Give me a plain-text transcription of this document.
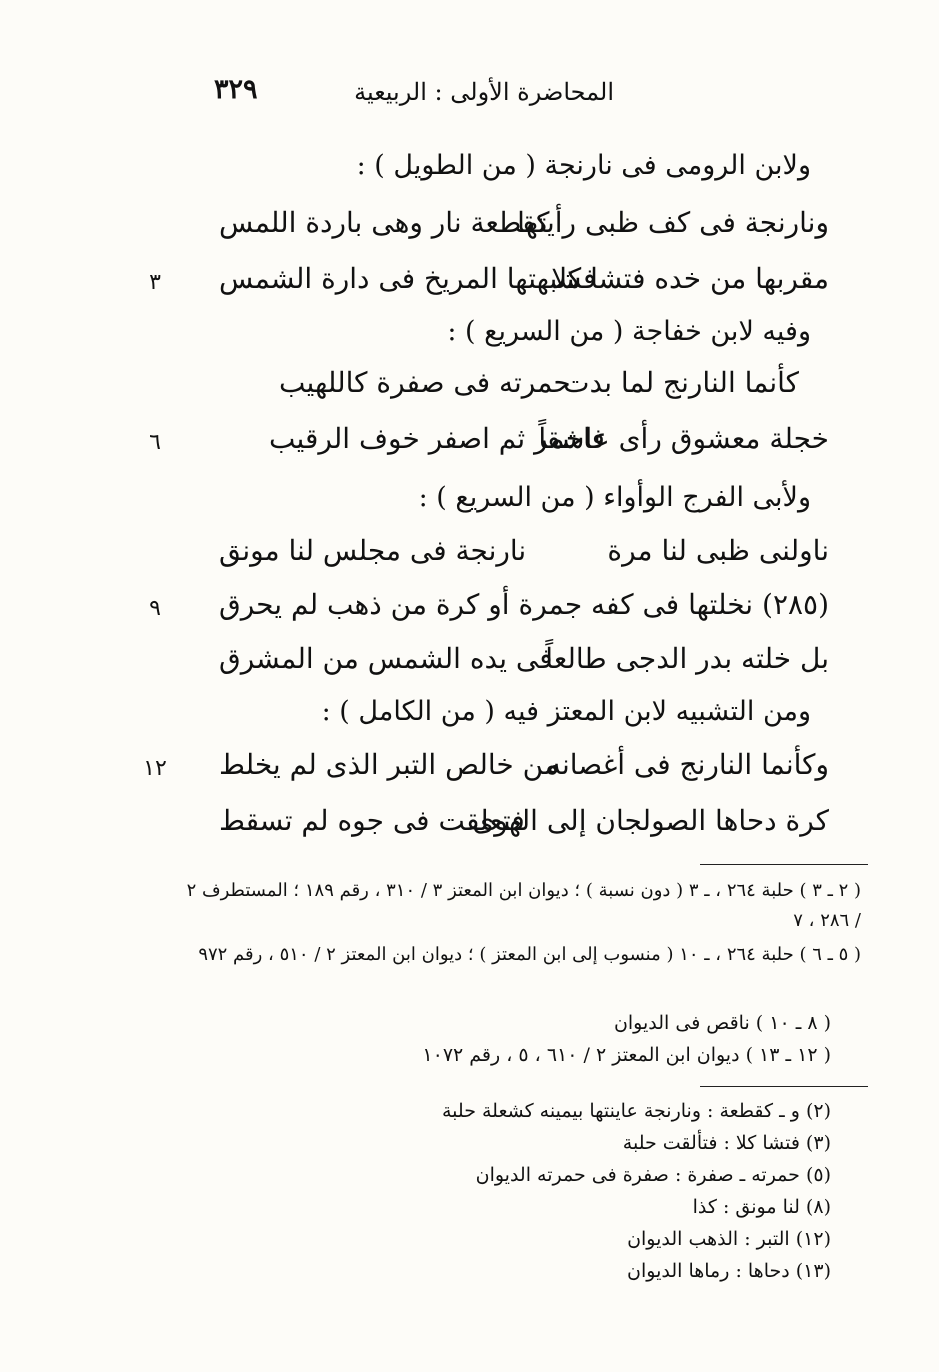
٣٢٩	المحاضرة الأولى : الربيعية
ولابن الرومى فى نارنجة ( من الطويل ) :
ونارنجة فى كف ظبى رأيتها
كقطعة نار وهى باردة اللمس
مقربها من خده فتشا كلا
فشبهتها المريخ فى دارة الشمس
٣
وفيه لابن خفاجة ( من السريع ) :
كأنما النارنج لما بدت
حمرته فى صفرة كاللهيب
خجلة معشوق رأى عاشقاً
فاحمر ثم اصفر خوف الرقيب
٦
ولأبى الفرج الوأواء ( من السريع ) :
ناولنى ظبى لنا مرة
نارنجة فى مجلس لنا مونق
(٢٨٥) نخلتها فى كفه جمرة
أو كرة من ذهب لم يحرق
٩
بل خلته بدر الدجى طالعاً
فى يده الشمس من المشرق
ومن التشبيه لابن المعتز فيه ( من الكامل ) :
وكأنما النارنج فى أغصانه
من خالص التبر الذى لم يخلط
١٢
كرة دحاها الصولجان إلى الهوى
فتعلقت فى جوه لم تسقط
( ٢ ـ ٣ ) حلبة ٢٦٤ ، ـ ٣ ( دون نسبة ) ؛ ديوان ابن المعتز ٣ / ٣١٠ ، رقم ١٨٩ ؛ المستطرف ٢ / ٢٨٦ ، ٧
( ٥ ـ ٦ ) حلبة ٢٦٤ ، ـ ١٠ ( منسوب إلى ابن المعتز ) ؛ ديوان ابن المعتز ٢ / ٥١٠ ، رقم ٩٧٢
( ٨ ـ ١٠ ) ناقص فى الديوان
( ١٢ ـ ١٣ ) ديوان ابن المعتز ٢ / ٦١٠ ، ٥ ، رقم ١٠٧٢
(٢) و ـ كقطعة : ونارنجة عاينتها بيمينه كشعلة حلبة
(٣) فتشا كلا : فتألقت حلبة
(٥) حمرته ـ صفرة : صفرة فى حمرته الديوان
(٨) لنا مونق : كذا
(١٢) التبر : الذهب الديوان
(١٣) دحاها : رماها الديوان
